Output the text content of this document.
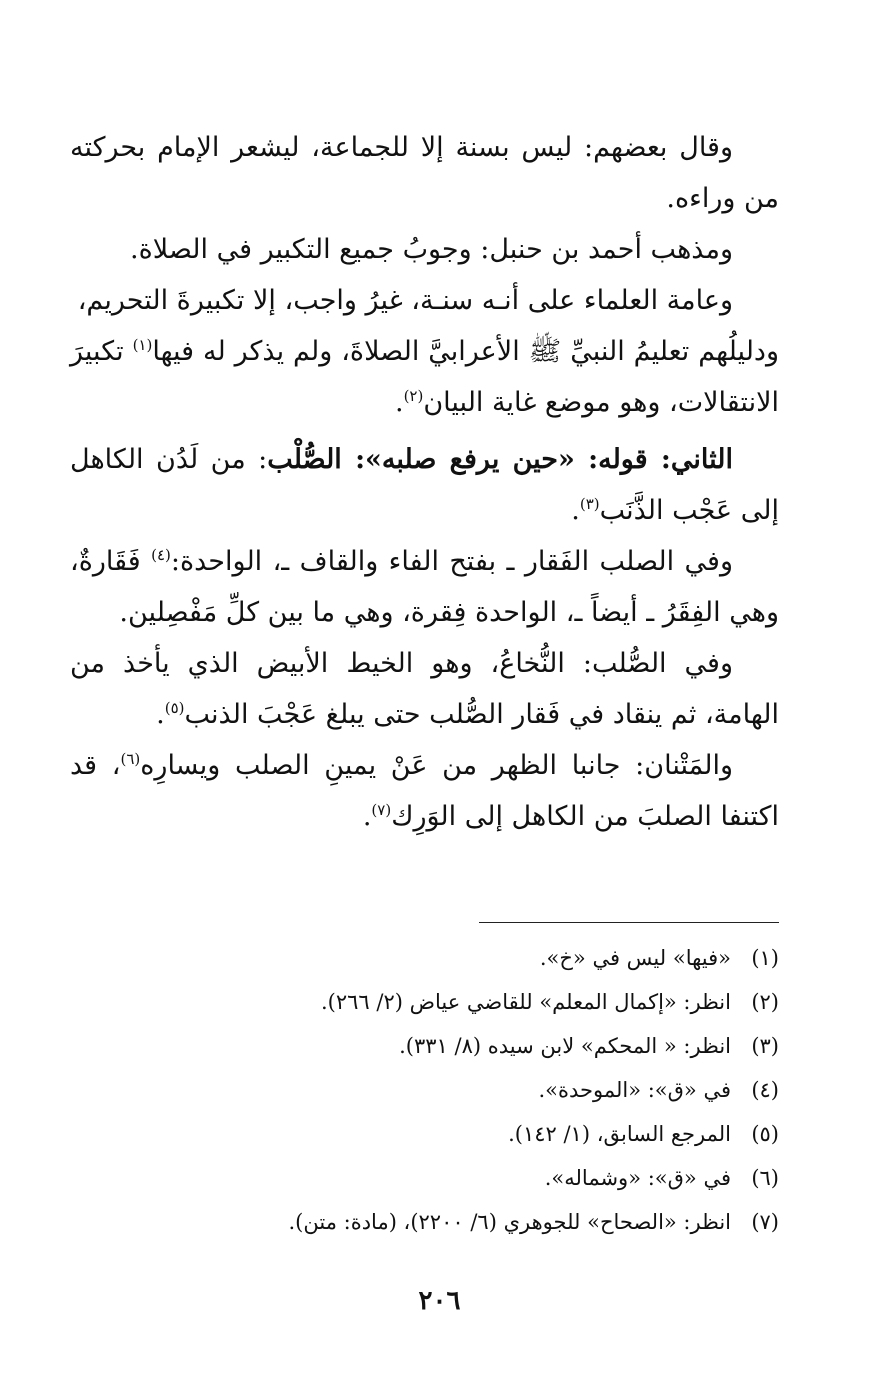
وقال بعضهم: ليس بسنة إلا للجماعة، ليشعر الإمام بحركته من وراءه.

ومذهب أحمد بن حنبل: وجوبُ جميع التكبير في الصلاة.

وعامة العلماء على أنـه سنـة، غيرُ واجب، إلا تكبيرةَ التحريم،

ودليلُهم تعليمُ النبيِّ ﷺ الأعرابيَّ الصلاةَ، ولم يذكر له فيها$^{(١)}$ تكبيرَ الانتقالات، وهو موضع غاية البيان$^{(٢)}$.

الثاني: قوله: «حين يرفع صلبه»: الصُّلْب: من لَدُن الكاهل إلى عَجْب الذَّنَب$^{(٣)}$.

وفي الصلب الفَقار ـ بفتح الفاء والقاف ـ، الواحدة:$^{(٤)}$ فَقَارةٌ، وهي الفِقَرُ ـ أيضاً ـ، الواحدة فِقرة، وهي ما بين كلِّ مَفْصِلين.

وفي الصُّلب: النُّخاعُ، وهو الخيط الأبيض الذي يأخذ من الهامة، ثم ينقاد في فَقار الصُّلب حتى يبلغ عَجْبَ الذنب$^{(٥)}$.

والمَتْنان: جانبا الظهر من عَنْ يمينِ الصلب ويسارِه$^{(٦)}$، قد اكتنفا الصلبَ من الكاهل إلى الوَرِك$^{(٧)}$.

(١)
«فيها» ليس في «خ».
(٢)
انظر: «إكمال المعلم» للقاضي عياض (٢/ ٢٦٦).
(٣)
انظر: « المحكم» لابن سيده (٨/ ٣٣١).
(٤)
في «ق»: «الموحدة».
(٥)
المرجع السابق، (١/ ١٤٢).
(٦)
في «ق»: «وشماله».
(٧)
انظر: «الصحاح» للجوهري (٦/ ٢٢٠٠)، (مادة: متن).
٢٠٦
